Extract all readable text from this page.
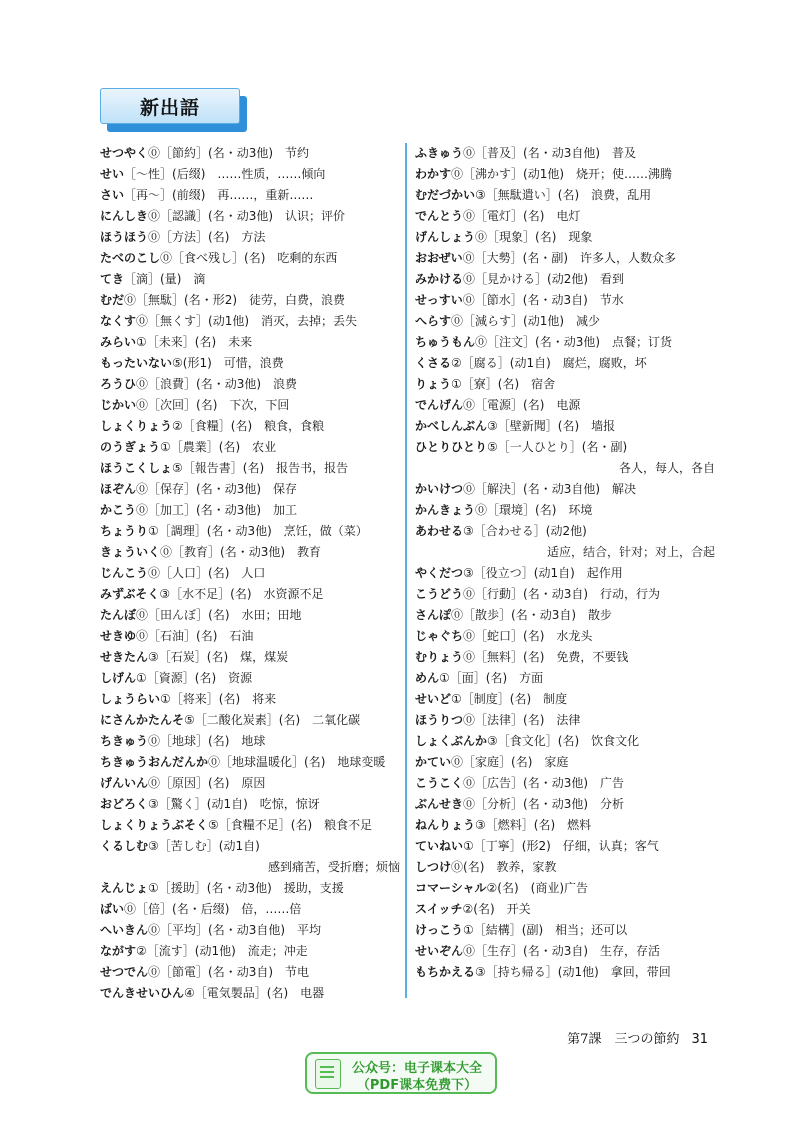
新出語
せつやく⓪［節約］(名・动3他)　节约
せい［～性］(后缀)　……性质，……倾向
さい［再～］(前缀)　再……，重新……
にんしき⓪［認識］(名・动3他)　认识；评价
ほうほう⓪［方法］(名)　方法
たべのこし⓪［食べ残し］(名)　吃剩的东西
てき［滴］(量)　滴
むだ⓪［無駄］(名・形2)　徒劳，白费，浪费
なくす⓪［無くす］(动1他)　消灭，去掉；丢失
みらい①［未来］(名)　未来
もったいない⑤(形1)　可惜，浪费
ろうひ⓪［浪費］(名・动3他)　浪费
じかい⓪［次回］(名)　下次，下回
しょくりょう②［食糧］(名)　粮食，食粮
のうぎょう①［農業］(名)　农业
ほうこくしょ⑤［報告書］(名)　报告书，报告
ほぞん⓪［保存］(名・动3他)　保存
かこう⓪［加工］(名・动3他)　加工
ちょうり①［調理］(名・动3他)　烹饪，做（菜）
きょういく⓪［教育］(名・动3他)　教育
じんこう⓪［人口］(名)　人口
みずぶそく③［水不足］(名)　水资源不足
たんぼ⓪［田んぼ］(名)　水田；田地
せきゆ⓪［石油］(名)　石油
せきたん③［石炭］(名)　煤，煤炭
しげん①［資源］(名)　资源
しょうらい①［将来］(名)　将来
にさんかたんそ⑤［二酸化炭素］(名)　二氧化碳
ちきゅう⓪［地球］(名)　地球
ちきゅうおんだんか⓪［地球温暖化］(名)　地球变暖
げんいん⓪［原因］(名)　原因
おどろく③［驚く］(动1自)　吃惊，惊讶
しょくりょうぶそく⑤［食糧不足］(名)　粮食不足
くるしむ③［苦しむ］(动1自)
感到痛苦，受折磨；烦恼
えんじょ①［援助］(名・动3他)　援助，支援
ばい⓪［倍］(名・后缀)　倍，……倍
へいきん⓪［平均］(名・动3自他)　平均
ながす②［流す］(动1他)　流走；冲走
せつでん⓪［節電］(名・动3自)　节电
でんきせいひん④［電気製品］(名)　电器
ふきゅう⓪［普及］(名・动3自他)　普及
わかす⓪［沸かす］(动1他)　烧开；使……沸腾
むだづかい③［無駄遣い］(名)　浪费，乱用
でんとう⓪［電灯］(名)　电灯
げんしょう⓪［現象］(名)　现象
おおぜい⓪［大勢］(名・副)　许多人，人数众多
みかける⓪［見かける］(动2他)　看到
せっすい⓪［節水］(名・动3自)　节水
へらす⓪［減らす］(动1他)　减少
ちゅうもん⓪［注文］(名・动3他)　点餐；订货
くさる②［腐る］(动1自)　腐烂，腐败，坏
りょう①［寮］(名)　宿舍
でんげん⓪［電源］(名)　电源
かべしんぶん③［壁新聞］(名)　墙报
ひとりひとり⑤［一人ひとり］(名・副)
各人，每人，各自
かいけつ⓪［解決］(名・动3自他)　解决
かんきょう⓪［環境］(名)　环境
あわせる③［合わせる］(动2他)
适应，结合，针对；对上，合起
やくだつ③［役立つ］(动1自)　起作用
こうどう⓪［行動］(名・动3自)　行动，行为
さんぽ⓪［散歩］(名・动3自)　散步
じゃぐち⓪［蛇口］(名)　水龙头
むりょう⓪［無料］(名)　免费，不要钱
めん①［面］(名)　方面
せいど①［制度］(名)　制度
ほうりつ⓪［法律］(名)　法律
しょくぶんか③［食文化］(名)　饮食文化
かてい⓪［家庭］(名)　家庭
こうこく⓪［広告］(名・动3他)　广告
ぶんせき⓪［分析］(名・动3他)　分析
ねんりょう③［燃料］(名)　燃料
ていねい①［丁寧］(形2)　仔细，认真；客气
しつけ⓪(名)　教养，家教
コマーシャル②(名)　(商业)广告
スイッチ②(名)　开关
けっこう①［結構］(副)　相当；还可以
せいぞん⓪［生存］(名・动3自)　生存，存活
もちかえる③［持ち帰る］(动1他)　拿回，带回
第7課　三つの節約 31
公众号：电子课本大全
（PDF课本免费下）
